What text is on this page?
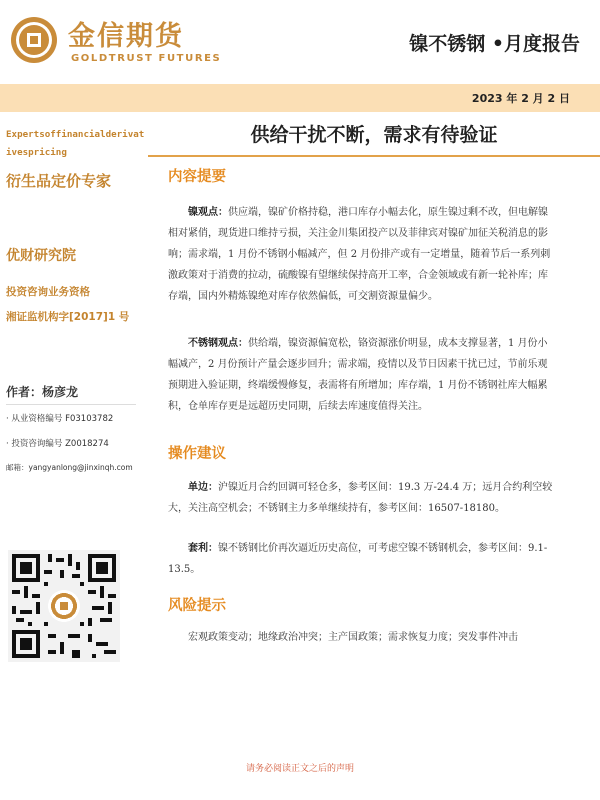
金信期货
GOLDTRUST FUTURES
镍不锈钢 •月度报告
2023 年 2 月 2 日
Expertsoffinancialderivativespricing
衍生品定价专家
优财研究院
投资咨询业务资格
湘证监机构字[2017]1 号
作者：杨彦龙
· 从业资格编号 F03103782
· 投资咨询编号 Z0018274
邮箱：yangyanlong@jinxinqh.com
供给干扰不断，需求有待验证
内容提要
镍观点：供应端，镍矿价格持稳，港口库存小幅去化，原生镍过剩不改，但电解镍相对紧俏，现货进口维持亏损，关注金川集团投产以及菲律宾对镍矿加征关税消息的影响；需求端，1 月份不锈钢小幅减产，但 2 月份排产或有一定增量，随着节后一系列刺激政策对于消费的拉动，硫酸镍有望继续保持高开工率，合金领域或有新一轮补库；库存端，国内外精炼镍绝对库存依然偏低，可交割资源量偏少。
不锈钢观点：供给端，镍资源偏宽松，铬资源涨价明显，成本支撑显著，1 月份小幅减产，2 月份预计产量会逐步回升；需求端，疫情以及节日因素干扰已过，节前乐观预期进入验证期，终端缓慢修复，表需将有所增加；库存端，1 月份不锈钢社库大幅累积，仓单库存更是远超历史同期，后续去库速度值得关注。
操作建议
单边：沪镍近月合约回调可轻仓多，参考区间：19.3 万-24.4 万；远月合约利空较大，关注高空机会；不锈钢主力多单继续持有，参考区间：16507-18180。
套利：镍不锈钢比价再次逼近历史高位，可考虑空镍不锈钢机会，参考区间：9.1-13.5。
风险提示
宏观政策变动；地缘政治冲突；主产国政策；需求恢复力度；突发事件冲击
请务必阅读正文之后的声明
